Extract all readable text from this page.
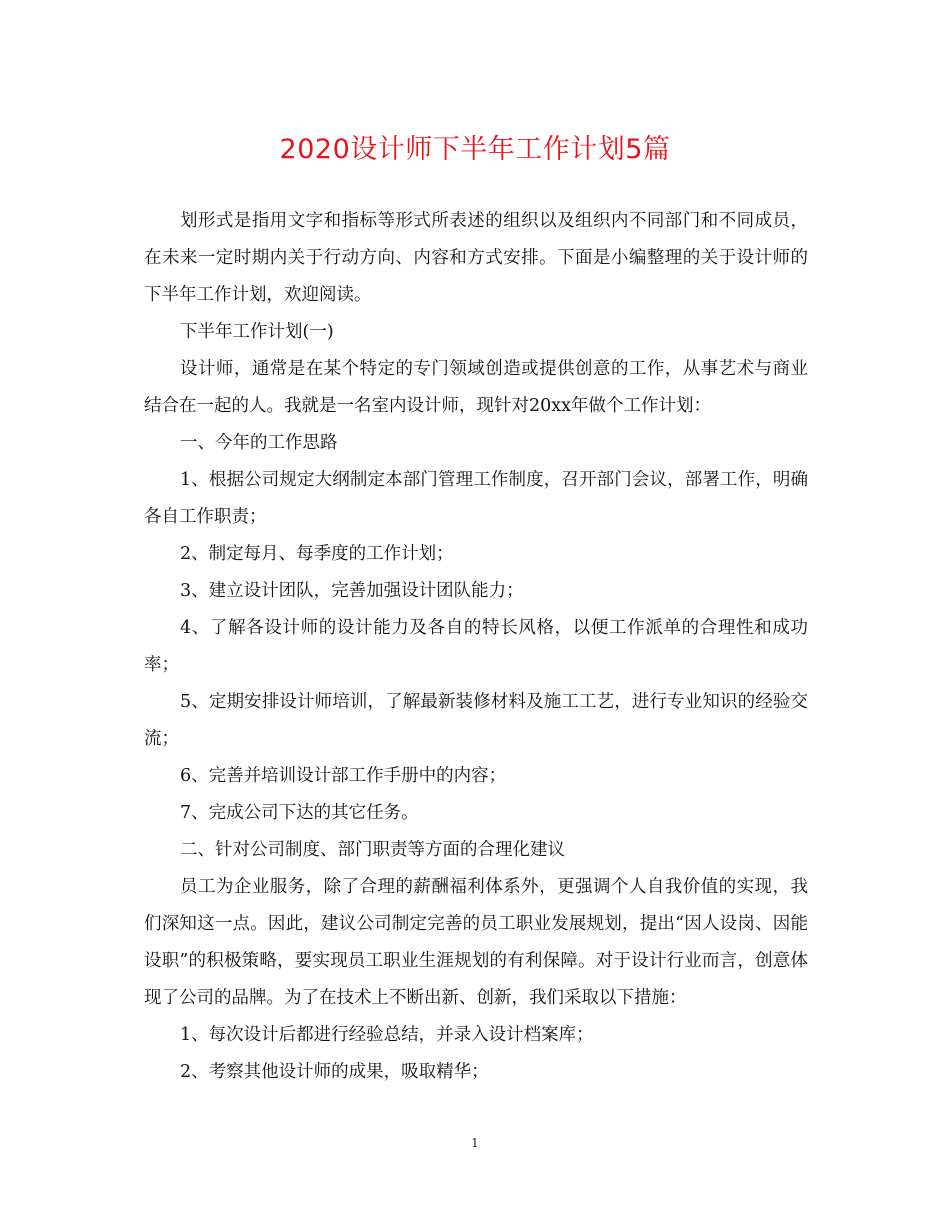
2020设计师下半年工作计划5篇

划形式是指用文字和指标等形式所表述的组织以及组织内不同部门和不同成员，在未来一定时期内关于行动方向、内容和方式安排。下面是小编整理的关于设计师的下半年工作计划，欢迎阅读。

下半年工作计划(一)

设计师，通常是在某个特定的专门领域创造或提供创意的工作，从事艺术与商业结合在一起的人。我就是一名室内设计师，现针对20xx年做个工作计划：

一、今年的工作思路

1、根据公司规定大纲制定本部门管理工作制度，召开部门会议，部署工作，明确各自工作职责；

2、制定每月、每季度的工作计划；

3、建立设计团队，完善加强设计团队能力；

4、了解各设计师的设计能力及各自的特长风格，以便工作派单的合理性和成功率；

5、定期安排设计师培训，了解最新装修材料及施工工艺，进行专业知识的经验交流；

6、完善并培训设计部工作手册中的内容；

7、完成公司下达的其它任务。

二、针对公司制度、部门职责等方面的合理化建议

员工为企业服务，除了合理的薪酬福利体系外，更强调个人自我价值的实现，我们深知这一点。因此，建议公司制定完善的员工职业发展规划，提出“因人设岗、因能设职”的积极策略，要实现员工职业生涯规划的有利保障。对于设计行业而言，创意体现了公司的品牌。为了在技术上不断出新、创新，我们采取以下措施：

1、每次设计后都进行经验总结，并录入设计档案库；

2、考察其他设计师的成果，吸取精华；

1
